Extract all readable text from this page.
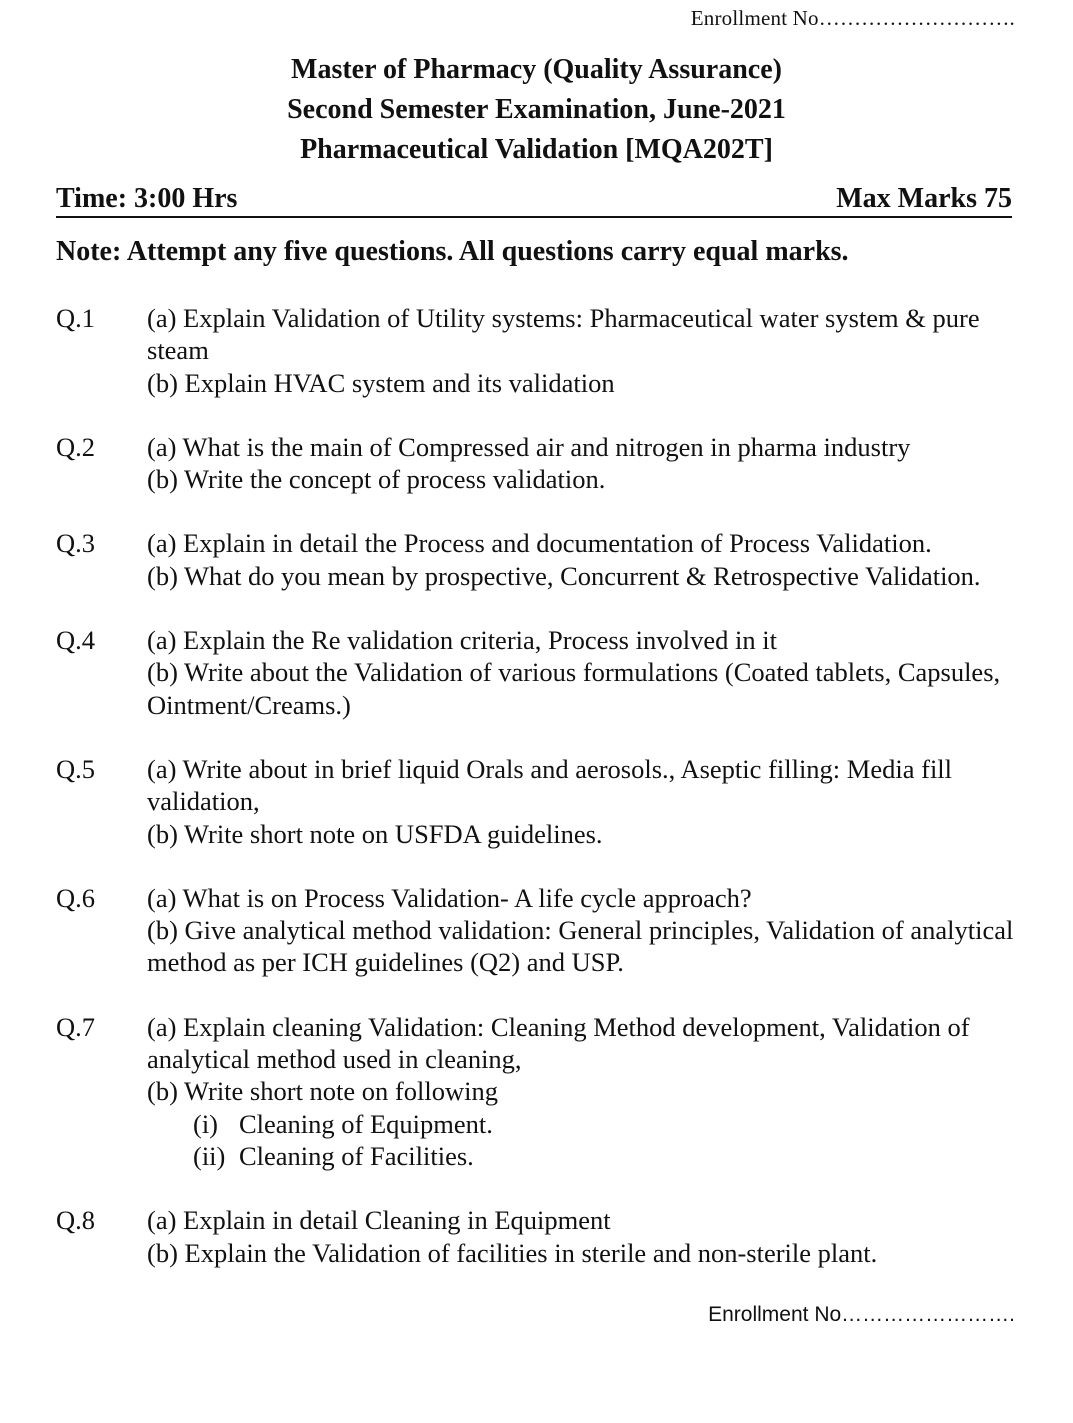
Enrollment No……………………….
Master of Pharmacy (Quality Assurance)
Second Semester Examination, June-2021
Pharmaceutical Validation [MQA202T]
Time: 3:00 Hrs	Max Marks 75
Note: Attempt any five questions. All questions carry equal marks.
Q.1	(a) Explain Validation of Utility systems: Pharmaceutical water system & pure steam
(b) Explain HVAC system and its validation
Q.2	(a) What is the main of Compressed air and nitrogen in pharma industry
(b) Write the concept of process validation.
Q.3	(a) Explain in detail the Process and documentation of Process Validation.
(b) What do you mean by prospective, Concurrent & Retrospective Validation.
Q.4	(a) Explain the Re validation criteria, Process involved in it
(b) Write about the Validation of various formulations (Coated tablets, Capsules, Ointment/Creams.)
Q.5	(a) Write about in brief liquid Orals and aerosols., Aseptic filling: Media fill validation,
(b) Write short note on USFDA guidelines.
Q.6	(a) What is on Process Validation- A life cycle approach?
(b) Give analytical method validation: General principles, Validation of analytical method as per ICH guidelines (Q2) and USP.
Q.7	(a) Explain cleaning Validation: Cleaning Method development, Validation of analytical method used in cleaning,
(b) Write short note on following
(i) Cleaning of Equipment.
(ii) Cleaning of Facilities.
Q.8	(a) Explain in detail Cleaning in Equipment
(b) Explain the Validation of facilities in sterile and non-sterile plant.
Enrollment No…………………….
